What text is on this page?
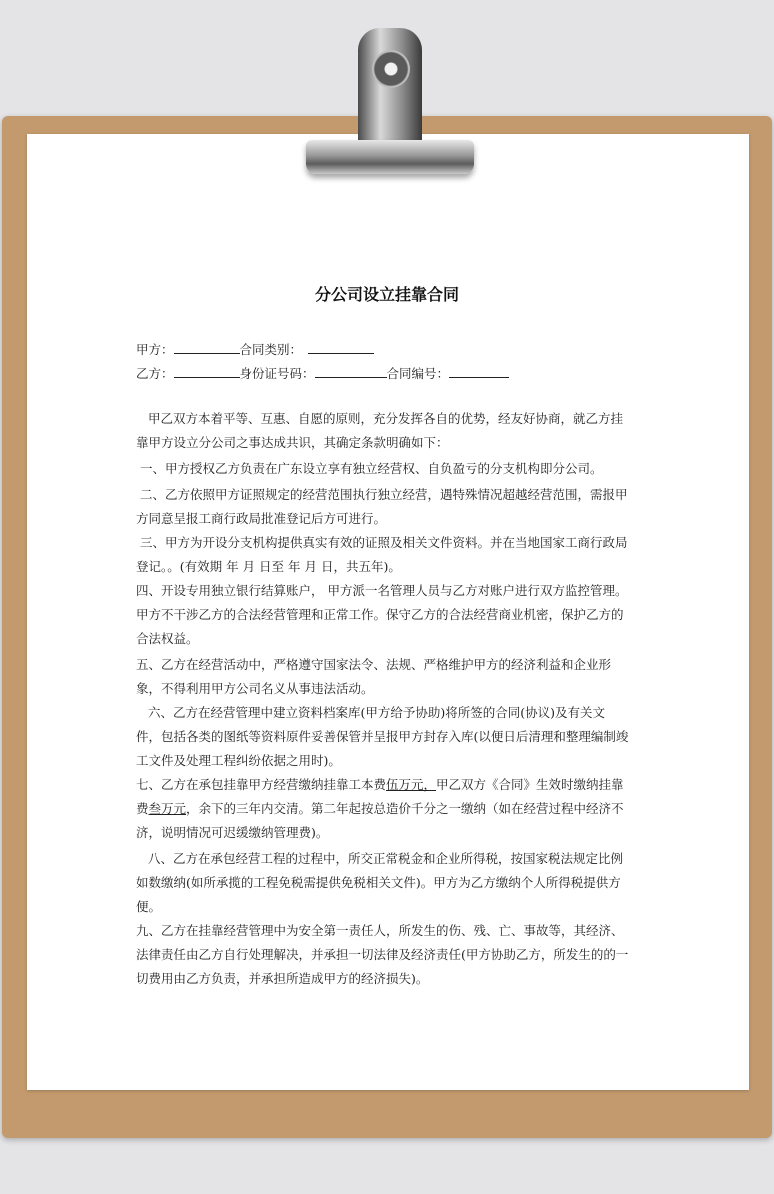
分公司设立挂靠合同
甲方：	合同类别：
乙方：	身份证号码：	合同编号：
甲乙双方本着平等、互惠、自愿的原则，充分发挥各自的优势，经友好协商，就乙方挂
靠甲方设立分公司之事达成共识，其确定条款明确如下：
一、甲方授权乙方负责在广东设立享有独立经营权、自负盈亏的分支机构即分公司。
二、乙方依照甲方证照规定的经营范围执行独立经营，遇特殊情况超越经营范围，需报甲
方同意呈报工商行政局批准登记后方可进行。
三、甲方为开设分支机构提供真实有效的证照及相关文件资料。并在当地国家工商行政局
登记。。(有效期 年 月 日至 年 月 日，共五年)。
四、开设专用独立银行结算账户， 甲方派一名管理人员与乙方对账户进行双方监控管理。
甲方不干涉乙方的合法经营管理和正常工作。保守乙方的合法经营商业机密，保护乙方的
合法权益。
五、乙方在经营活动中，严格遵守国家法令、法规、严格维护甲方的经济利益和企业形
象，不得利用甲方公司名义从事违法活动。
六、乙方在经营管理中建立资料档案库(甲方给予协助)将所签的合同(协议)及有关文
件，包括各类的图纸等资料原件妥善保管并呈报甲方封存入库(以便日后清理和整理编制竣
工文件及处理工程纠纷依据之用时)。
七、乙方在承包挂靠甲方经营缴纳挂靠工本费伍万元，甲乙双方《合同》生效时缴纳挂靠
费叁万元，余下的三年内交清。第二年起按总造价千分之一缴纳（如在经营过程中经济不
济，说明情况可迟缓缴纳管理费)。
八、乙方在承包经营工程的过程中，所交正常税金和企业所得税，按国家税法规定比例
如数缴纳(如所承揽的工程免税需提供免税相关文件)。甲方为乙方缴纳个人所得税提供方
便。
九、乙方在挂靠经营管理中为安全第一责任人，所发生的伤、残、亡、事故等，其经济、
法律责任由乙方自行处理解决，并承担一切法律及经济责任(甲方协助乙方，所发生的的一
切费用由乙方负责，并承担所造成甲方的经济损失)。
